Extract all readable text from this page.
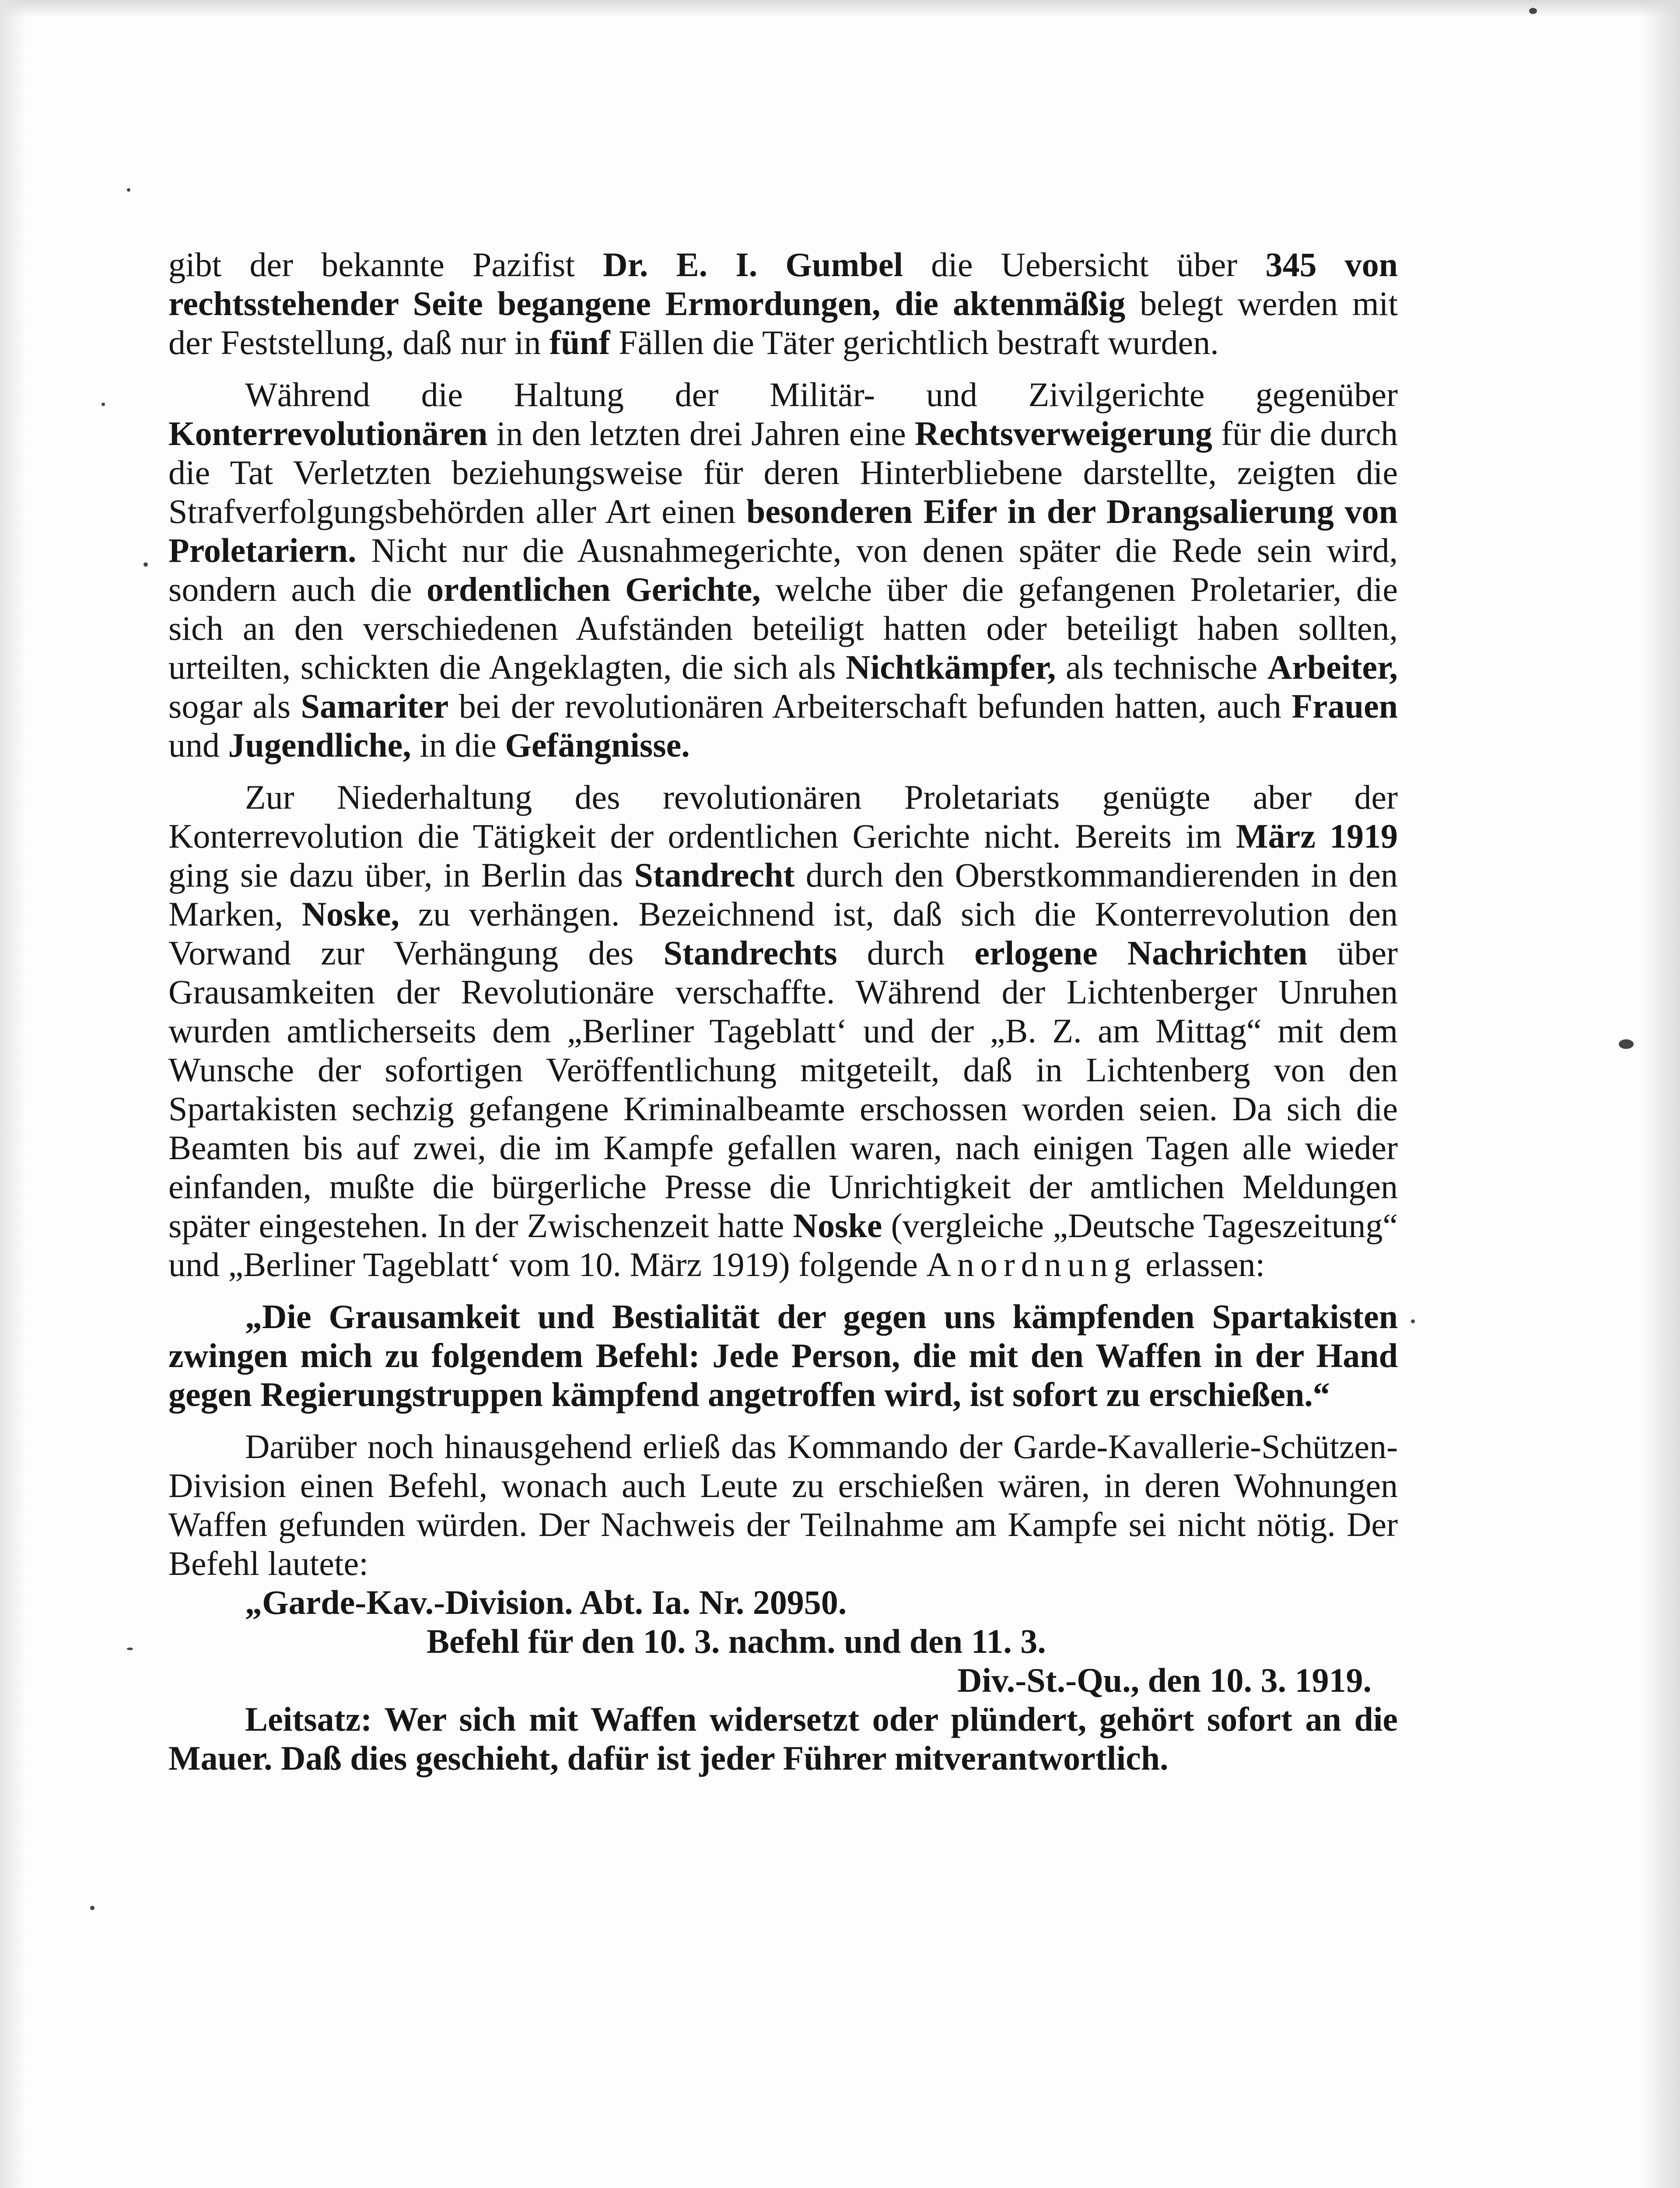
gibt der bekannte Pazifist Dr. E. I. Gumbel die Uebersicht über 345 von rechtsstehender Seite begangene Ermordungen, die aktenmäßig belegt werden mit der Feststellung, daß nur in fünf Fällen die Täter gerichtlich bestraft wurden.

Während die Haltung der Militär- und Zivilgerichte gegenüber Konterrevolutionären in den letzten drei Jahren eine Rechtsverweigerung für die durch die Tat Verletzten beziehungsweise für deren Hinterbliebene darstellte, zeigten die Strafverfolgungsbehörden aller Art einen besonderen Eifer in der Drangsalierung von Proletariern. Nicht nur die Ausnahmegerichte, von denen später die Rede sein wird, sondern auch die ordentlichen Gerichte, welche über die gefangenen Proletarier, die sich an den verschiedenen Aufständen beteiligt hatten oder beteiligt haben sollten, urteilten, schickten die Angeklagten, die sich als Nichtkämpfer, als technische Arbeiter, sogar als Samariter bei der revolutionären Arbeiterschaft befunden hatten, auch Frauen und Jugendliche, in die Gefängnisse.

Zur Niederhaltung des revolutionären Proletariats genügte aber der Konterrevolution die Tätigkeit der ordentlichen Gerichte nicht. Bereits im März 1919 ging sie dazu über, in Berlin das Standrecht durch den Oberstkommandierenden in den Marken, Noske, zu verhängen. Bezeichnend ist, daß sich die Konterrevolution den Vorwand zur Verhängung des Standrechts durch erlogene Nachrichten über Grausamkeiten der Revolutionäre verschaffte. Während der Lichtenberger Unruhen wurden amtlicherseits dem „Berliner Tageblatt‘ und der „B. Z. am Mittag“ mit dem Wunsche der sofortigen Veröffentlichung mitgeteilt, daß in Lichtenberg von den Spartakisten sechzig gefangene Kriminalbeamte erschossen worden seien. Da sich die Beamten bis auf zwei, die im Kampfe gefallen waren, nach einigen Tagen alle wieder einfanden, mußte die bürgerliche Presse die Unrichtigkeit der amtlichen Meldungen später eingestehen. In der Zwischenzeit hatte Noske (vergleiche „Deutsche Tageszeitung“ und „Berliner Tageblatt‘ vom 10. März 1919) folgende Anordnung erlassen:

„Die Grausamkeit und Bestialität der gegen uns kämpfenden Spartakisten zwingen mich zu folgendem Befehl: Jede Person, die mit den Waffen in der Hand gegen Regierungstruppen kämpfend angetroffen wird, ist sofort zu erschießen.“

Darüber noch hinausgehend erließ das Kommando der Garde-Kavallerie-Schützen-Division einen Befehl, wonach auch Leute zu erschießen wären, in deren Wohnungen Waffen gefunden würden. Der Nachweis der Teilnahme am Kampfe sei nicht nötig. Der Befehl lautete:

„Garde-Kav.-Division. Abt. Ia. Nr. 20950.

Befehl für den 10. 3. nachm. und den 11. 3.

Div.-St.-Qu., den 10. 3. 1919.

Leitsatz: Wer sich mit Waffen widersetzt oder plündert, gehört sofort an die Mauer. Daß dies geschieht, dafür ist jeder Führer mitverantwortlich.
